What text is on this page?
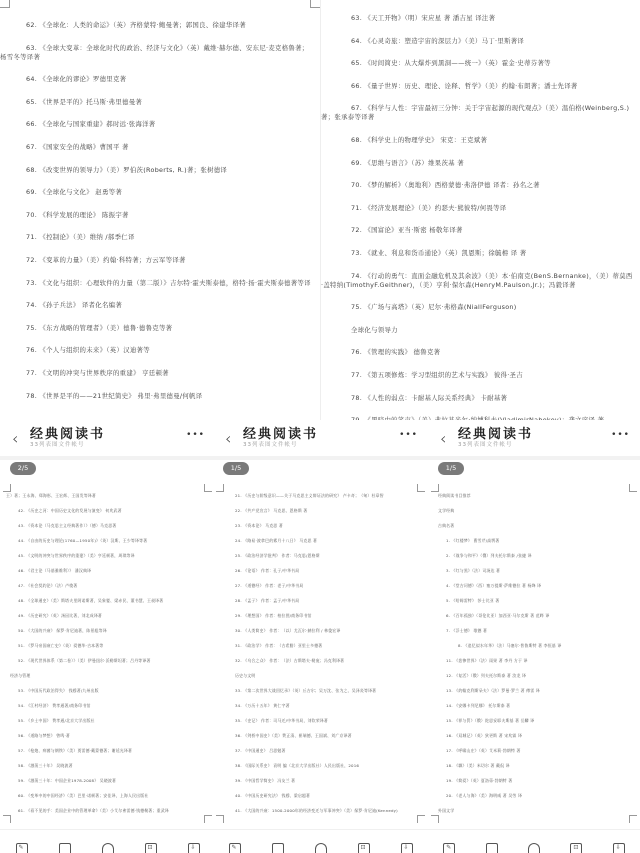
62. 《全球化：人类的命运》（英）齐格蒙特·鲍曼著；郭国良、徐建华译著
63. 《全球大变革：全球化时代的政治、经济与文化》（英）戴维·赫尔德、安东尼·麦克格鲁著；杨雪冬等译著
64. 《全球化的谬论》罗德里克著
65. 《世界是平的》托马斯·弗里德曼著
66. 《全球化与国家重建》郝时远·张海洋著
67. 《国家安全的战略》曹国平 著
68. 《改变世界的领导力》（美）罗伯茨(Roberts, R.)著；张树德译
69. 《全球化与文化》 赵勇等著
70. 《科学发展的理论》 陈振宇著
71. 《控制论》（美）维纳 /郝季仁译
72. 《变革的力量》（美）约翰·科特著；方云军等译著
73. 《文化与组织：心理软件的力量（第二版）》吉尔特·霍夫斯泰德，格特·扬·霍夫斯泰德著等译
74. 《孙子兵法》 译者化名编著
75. 《东方战略的管理者》（美）德鲁·德鲁克等著
76. 《个人与组织的未来》（英）汉迪著等
77. 《文明的冲突与世界秩序的重建》 亨廷顿著
78. 《世界是平的——21世纪简史》 弗里·弗里德曼/何帆译
63. 《天工开物》（明）宋应星 著 潘吉星 译注著
64. 《心灵奇旅：塑造宇宙的深层力》（美）马丁·里斯著译
65. 《时间简史：从大爆炸到黑洞——统一》（英）霍金·史蒂芬著等
66. 《量子世界：历史、理论、诠释、哲学》（美）约翰·布朗著；潘士先译著
67. 《科学与人性：宇宙最初三分钟：关于宇宙起源的现代观点》（美）温伯格(Weinberg,S.)著；张承泰等译著
68. 《科学史上的物理学史》 宋克：王克斌著
69. 《思维与语言》（苏）维果茨基 著
70. 《梦的解析》（奥地利）西格蒙德·弗洛伊德 译者：孙名之著
71. 《经济发展理论》（美）约瑟夫·熊彼特/何畏等译
72. 《国富论》亚当·斯密 杨敬年译著
73. 《就业、利息和货币通论》（英）凯恩斯；徐毓枏 译 著
74. 《行动的勇气：直面金融危机及其余波》（美）本·伯南克(BenS.Bernanke)，（美）蒂莫西·盖特纳(TimothyF.Geithner)，（美）亨利·保尔森(HenryM.Paulson,Jr.)；冯毅译著
75. 《广场与高塔》（英）尼尔·弗格森(NiallFerguson)
全球化与领导力
76. 《管理的实践》 德鲁克著
77. 《第五项修炼：学习型组织的艺术与实践》 彼得·圣吉
78. 《人性的弱点：卡耐基人际关系经典》 卡耐基著
‹ 经典阅读书
33列表图文件帐号
•••
王）著；王永海、郑海彤、王宏辉、王国发等译著
42. 《历史之河：中国历史文化的发展与演变》 何兆武著
43. 《资本论（马克思主义经典著作）》（德）马克思著
44. 《自由的历史与理论(1760—1950年)》（英）汉斯、王少等译等著
45. 《文明的冲突与世界秩序的重建》（美）亨廷顿著，周琪等译
46. 《君主论（马基雅维利）》 潘汉典译
47. 《社会契约论》（法）卢梭著
48. 《全球通史》（美）斯塔夫里阿诺斯著，吴象婴、梁赤民、董书慧、王昶译著
49. 《历史研究》（英）汤因比著，刘北成译著
50. 《大国的兴衰》 保罗·肯尼迪著，陈景彪等译
51. 《罗马帝国衰亡史》（英）爱德华·吉本著等
52. 《现代世界体系（第二卷）》（美）伊曼纽尔·沃勒斯坦著；吕丹等译著
经济与管理
53. 《中国历代政治得失》 钱穆著/九州出版
54. 《江村经济》 费孝通著/商务印书馆
55. 《乡土中国》 费孝通/北京大学出版社
56. 《道路与梦想》 曾鸣·著
57. 《枪炮、病菌与钢铁》（美）贾雷德·戴蒙德著；谢延光译著
58. 《激荡三十年》 吴晓波著
59. 《激荡三十年：中国企业1978-2008》 吴晓波著
60. 《变革中的中国经济》（美）巴里·诺顿著；安佳译，上海人民出版社
61. 《看不见的手：美国企业中的管理革命》（美）小艾尔弗雷德·钱德勒著；重武译
2/5
✎	⊡	⇩
‹ 经典阅读书
33列表图文件帐号
•••
21. 《历史与阶级意识——关于马克思主义辩证法的研究》 卢卡奇；（匈）杜章智
22. 《共产党宣言》 马克思、恩格斯 著
23. 《资本论》 马克思 著
24. 《路易·波拿巴的雾月十八日》 马克思 著
25. 《政治经济学批判》 作者：马克思/恩格斯
26. 《论语》 作者：孔子/中华书局
27. 《道德经》 作者：老子/中华书局
28. 《孟子》 作者：孟子/中华书局
29. 《理想国》 作者：柏拉图/商务印书馆
30. 《人类简史》 作者：（以）尤瓦尔·赫拉利 / 林俊宏译
31. 《政治学》 作者：（古希腊）亚里士多德著
32. 《乌合之众》 作者：（法）古斯塔夫·勒庞；冯克利译著
历史与文明
33. 《第二次世界大战回忆录》（英）丘吉尔；吴万沈、张为之、吴泽炎等译著
34. 《万历十五年》 黄仁宇著
35. 《史记》 作者：司马迁/中华书局，刘钦荣译著
36. 《剑桥中国史》（美）费正清、崔瑞德、王国斌、刘广京译著
37. 《中国通史》 吕思勉著
38. 《国际关系史》 袁明 编（北京大学出版社）人民出版社，2016
39. 《中国哲学简史》 冯友兰 著
40. 《中国历史研究法》 钱穆、梁启超著
41. 《大国的兴衰：1500-2000年的经济变迁与军事冲突》（美）保罗·肯尼迪(Kennedy)
1/5
✎	⊡	⇩
‹ 经典阅读书
33列表图文件帐号
•••
经典阅读书目推荐
文学经典
古典名著
1. 《红楼梦》 曹雪芹/高鹗著
2. 《战争与和平》（俄）列夫托尔斯泰 /张捷 译
3. 《红与黑》（法）司汤达 著
4. 《堂吉诃德》（西）塞万提斯·萨维德拉 著 杨绛 译
5. 《哈姆雷特》 莎士比亚 著
6. 《百年孤独》（哥伦比亚）加西亚·马尔克斯 著 范晔 译
7. 《浮士德》 歌德 著
8. 《追忆似水年华》（法）马塞尔·普鲁斯特 著 李恒基 译
11. 《悲惨世界》（法）雨果 著 李丹 方于 译
12. 《复活》（俄）列夫托尔斯泰 著 汝龙 译
13. 《约翰克利斯朵夫》（法）罗曼·罗兰 著 傅雷 译
14. 《安娜卡列尼娜》 托尔斯泰 著
15. 《罪与罚》（俄）陀思妥耶夫斯基 著 岳麟 译
16. 《双城记》（英）狄更斯 著 宋兆霖 译
17. 《呼啸山庄》（英）艾米莉·勃朗特 著
18. 《飘》（美）米切尔 著 戴侃 译
19. 《简爱》（英）夏洛蒂·勃朗特 著
20. 《老人与海》（美）海明威 著 吴劳 译
外国文学
1/5
✎	⊡	⇩
